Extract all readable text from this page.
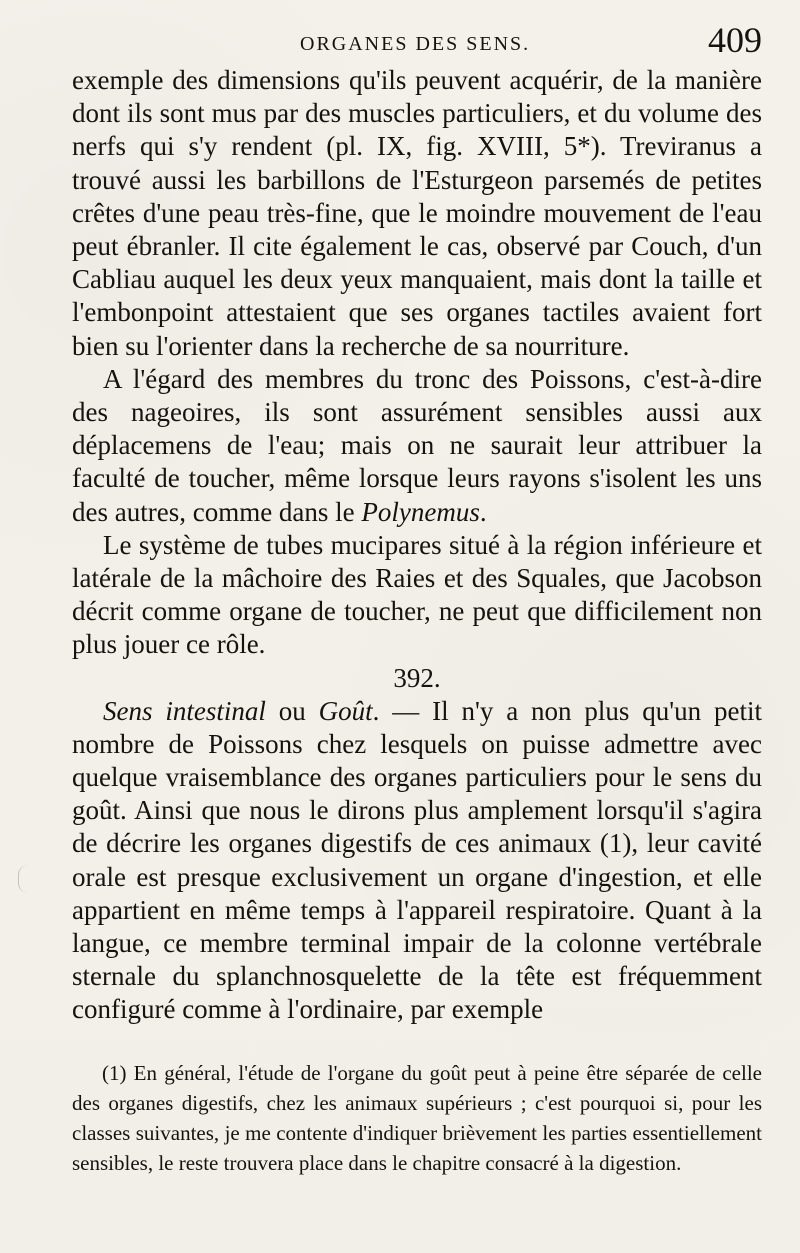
ORGANES DES SENS.	409

exemple des dimensions qu'ils peuvent acquérir, de la manière dont ils sont mus par des muscles particuliers, et du volume des nerfs qui s'y rendent (pl. IX, fig. XVIII, 5*). Treviranus a trouvé aussi les barbillons de l'Esturgeon parsemés de petites crêtes d'une peau très-fine, que le moindre mouvement de l'eau peut ébranler. Il cite également le cas, observé par Couch, d'un Cabliau auquel les deux yeux manquaient, mais dont la taille et l'embonpoint attestaient que ses organes tactiles avaient fort bien su l'orienter dans la recherche de sa nourriture.

A l'égard des membres du tronc des Poissons, c'est-à-dire des nageoires, ils sont assurément sensibles aussi aux déplacemens de l'eau; mais on ne saurait leur attribuer la faculté de toucher, même lorsque leurs rayons s'isolent les uns des autres, comme dans le Polynemus.

Le système de tubes mucipares situé à la région inférieure et latérale de la mâchoire des Raies et des Squales, que Jacobson décrit comme organe de toucher, ne peut que difficilement non plus jouer ce rôle.

392.

Sens intestinal ou Goût. — Il n'y a non plus qu'un petit nombre de Poissons chez lesquels on puisse admettre avec quelque vraisemblance des organes particuliers pour le sens du goût. Ainsi que nous le dirons plus amplement lorsqu'il s'agira de décrire les organes digestifs de ces animaux (1), leur cavité orale est presque exclusivement un organe d'ingestion, et elle appartient en même temps à l'appareil respiratoire. Quant à la langue, ce membre terminal impair de la colonne vertébrale sternale du splanchnosquelette de la tête est fréquemment configuré comme à l'ordinaire, par exemple

(1) En général, l'étude de l'organe du goût peut à peine être séparée de celle des organes digestifs, chez les animaux supérieurs ; c'est pourquoi si, pour les classes suivantes, je me contente d'indiquer brièvement les parties essentiellement sensibles, le reste trouvera place dans le chapitre consacré à la digestion.
